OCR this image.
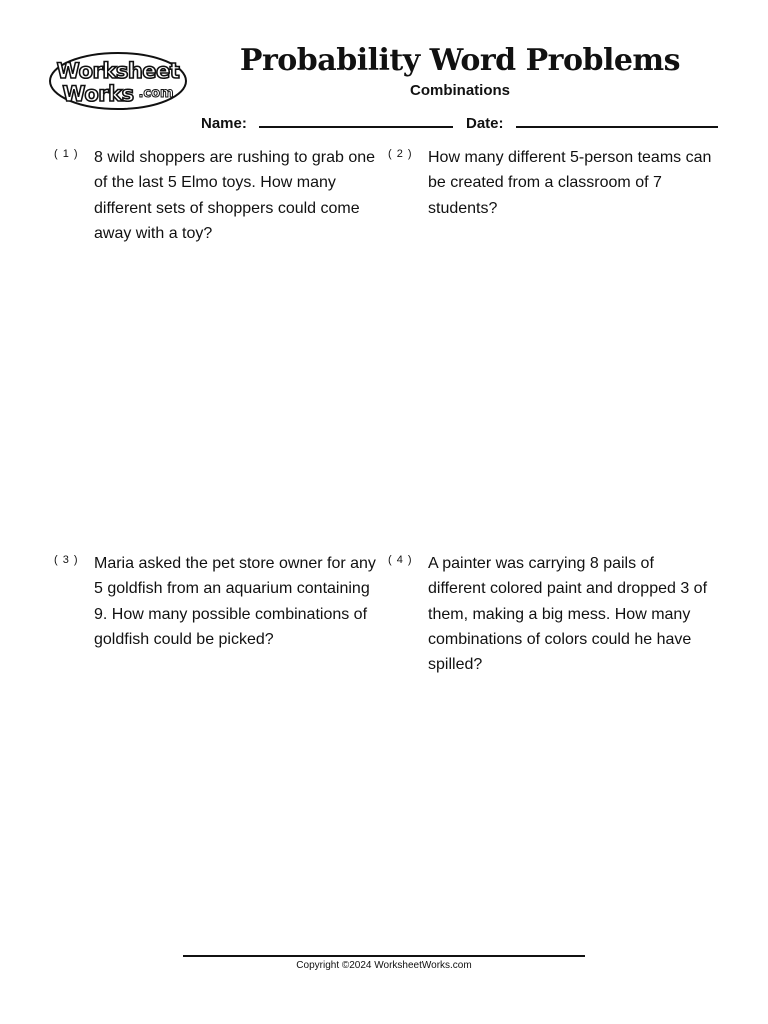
Worksheet
Works .com
Probability Word Problems
Combinations
Name:	Date:
( 1 ) 8 wild shoppers are rushing to grab one of the last 5 Elmo toys. How many different sets of shoppers could come away with a toy?
( 2 ) How many different 5-person teams can be created from a classroom of 7 students?
( 3 ) Maria asked the pet store owner for any 5 goldfish from an aquarium containing 9. How many possible combinations of goldfish could be picked?
( 4 ) A painter was carrying 8 pails of different colored paint and dropped 3 of them, making a big mess. How many combinations of colors could he have spilled?
Copyright ©2024 WorksheetWorks.com
